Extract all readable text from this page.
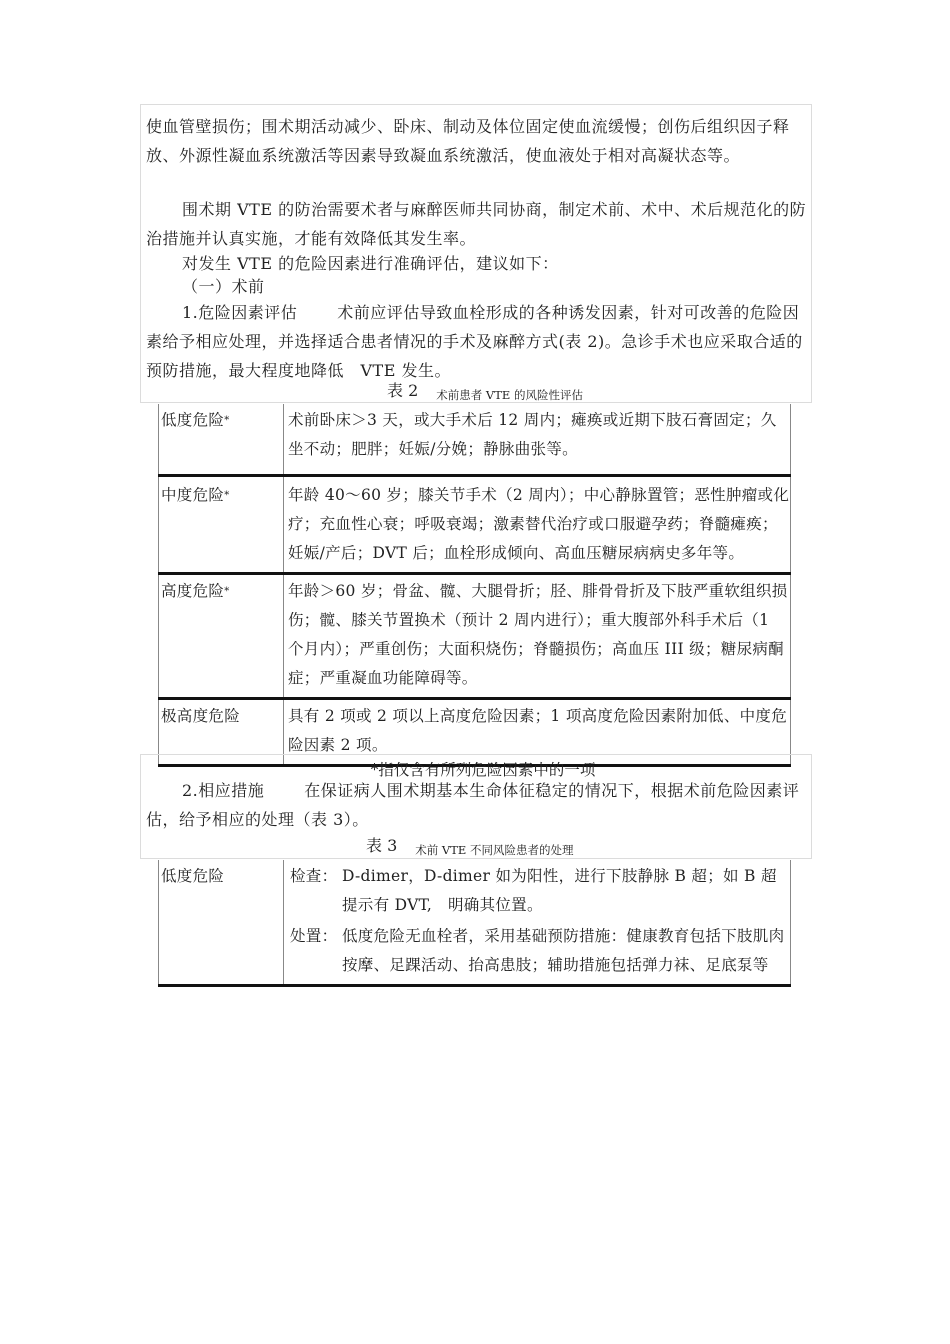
使血管壁损伤；围术期活动减少、卧床、制动及体位固定使血流缓慢；创伤后组织因子释放、外源性凝血系统激活等因素导致凝血系统激活，使血液处于相对高凝状态等。

围术期 VTE 的防治需要术者与麻醉医师共同协商，制定术前、术中、术后规范化的防治措施并认真实施，才能有效降低其发生率。

对发生 VTE 的危险因素进行准确评估，建议如下：

（一）术前

1.危险因素评估	术前应评估导致血栓形成的各种诱发因素，针对可改善的危险因素给予相应处理，并选择适合患者情况的手术及麻醉方式(表 2)。急诊手术也应采取合适的预防措施，最大程度地降低　VTE 发生。

表 2 术前患者 VTE 的风险性评估
低度危险*	术前卧床＞3 天，或大手术后 12 周内；瘫痪或近期下肢石膏固定；久坐不动；肥胖；妊娠/分娩；静脉曲张等。
中度危险*	年龄 40～60 岁；膝关节手术（2 周内）；中心静脉置管；恶性肿瘤或化疗；充血性心衰；呼吸衰竭；激素替代治疗或口服避孕药；脊髓瘫痪；妊娠/产后；DVT 后；血栓形成倾向、高血压糖尿病病史多年等。
高度危险*	年龄＞60 岁；骨盆、髋、大腿骨折；胫、腓骨骨折及下肢严重软组织损伤；髋、膝关节置换术（预计 2 周内进行）；重大腹部外科手术后（1 个月内）；严重创伤；大面积烧伤；脊髓损伤；高血压 III 级；糖尿病酮症；严重凝血功能障碍等。
极高度危险	具有 2 项或 2 项以上高度危险因素；1 项高度危险因素附加低、中度危险因素 2 项。
*指仅含有所列危险因素中的一项

2.相应措施	在保证病人围术期基本生命体征稳定的情况下，根据术前危险因素评估，给予相应的处理（表 3）。

表 3 术前 VTE 不同风险患者的处理
低度危险	检查： D-dimer，D-dimer 如为阳性，进行下肢静脉 B 超；如 B 超提示有 DVT,　明确其位置。
处置： 低度危险无血栓者，采用基础预防措施：健康教育包括下肢肌肉按摩、足踝活动、抬高患肢；辅助措施包括弹力袜、足底泵等
